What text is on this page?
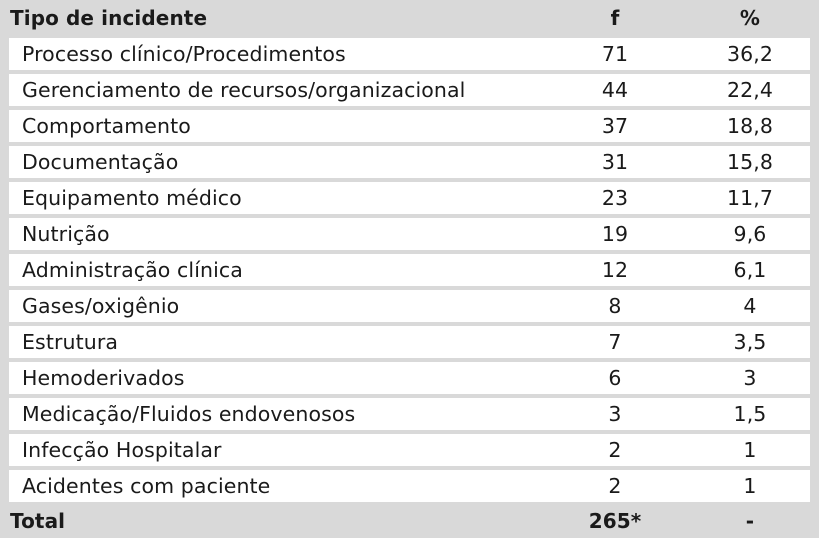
Tipo de incidente	f	%
Processo clínico/Procedimentos	71	36,2
Gerenciamento de recursos/organizacional	44	22,4
Comportamento	37	18,8
Documentação	31	15,8
Equipamento médico	23	11,7
Nutrição	19	9,6
Administração clínica	12	6,1
Gases/oxigênio	8	4
Estrutura	7	3,5
Hemoderivados	6	3
Medicação/Fluidos endovenosos	3	1,5
Infecção Hospitalar	2	1
Acidentes com paciente	2	1
Total	265*	-
